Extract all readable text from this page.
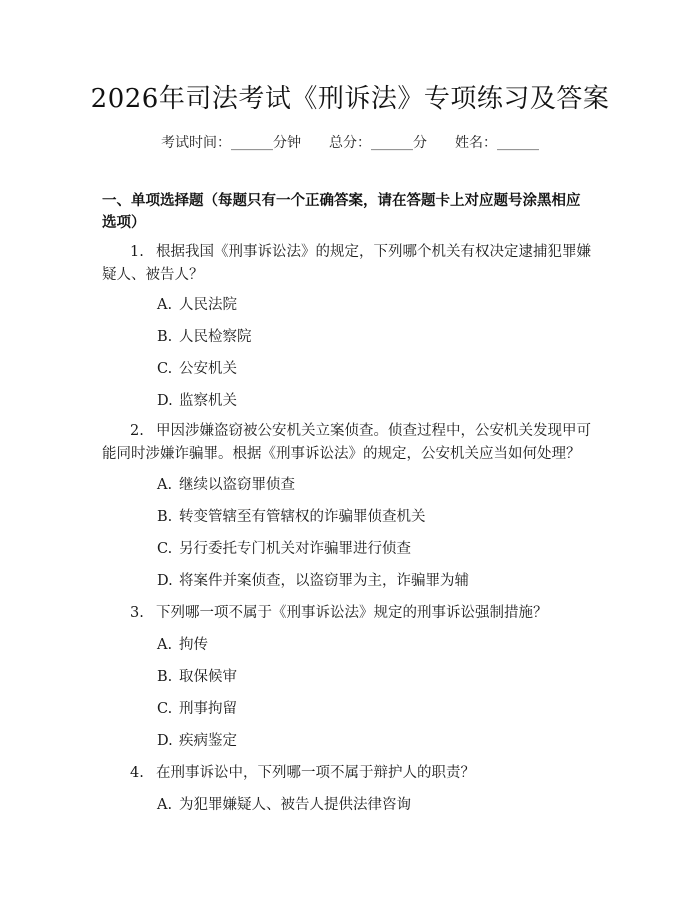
2026年司法考试《刑诉法》专项练习及答案
考试时间：______分钟 总分：______分 姓名：______
一、单项选择题（每题只有一个正确答案，请在答题卡上对应题号涂黑相应选项）
1. 根据我国《刑事诉讼法》的规定，下列哪个机关有权决定逮捕犯罪嫌疑人、被告人？
A. 人民法院
B. 人民检察院
C. 公安机关
D. 监察机关
2. 甲因涉嫌盗窃被公安机关立案侦查。侦查过程中，公安机关发现甲可能同时涉嫌诈骗罪。根据《刑事诉讼法》的规定，公安机关应当如何处理？
A. 继续以盗窃罪侦查
B. 转变管辖至有管辖权的诈骗罪侦查机关
C. 另行委托专门机关对诈骗罪进行侦查
D. 将案件并案侦查，以盗窃罪为主，诈骗罪为辅
3. 下列哪一项不属于《刑事诉讼法》规定的刑事诉讼强制措施？
A. 拘传
B. 取保候审
C. 刑事拘留
D. 疾病鉴定
4. 在刑事诉讼中，下列哪一项不属于辩护人的职责？
A. 为犯罪嫌疑人、被告人提供法律咨询
